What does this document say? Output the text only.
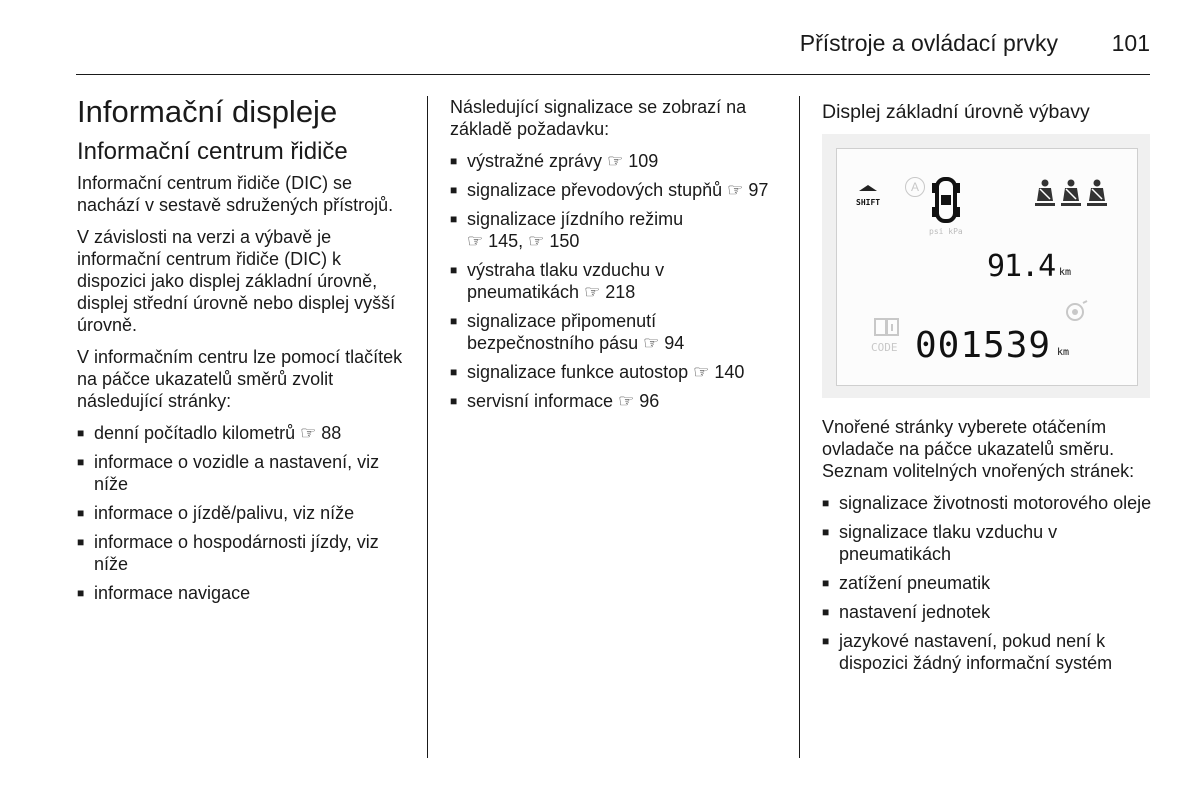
Přístroje a ovládací prvky 101
Informační displeje
Informační centrum řidiče

Informační centrum řidiče (DIC) se nachází v sestavě sdružených přístrojů.

V závislosti na verzi a výbavě je informační centrum řidiče (DIC) k dispozici jako displej základní úrovně, displej střední úrovně nebo displej vyšší úrovně.

V informačním centru lze pomocí tlačítek na páčce ukazatelů směrů zvolit následující stránky:

■ denní počítadlo kilometrů ☞ 88
■ informace o vozidle a nastavení, viz níže
■ informace o jízdě/palivu, viz níže
■ informace o hospodárnosti jízdy, viz níže
■ informace navigace

Následující signalizace se zobrazí na základě požadavku:

■ výstražné zprávy ☞ 109
■ signalizace převodových stupňů ☞ 97
■ signalizace jízdního režimu ☞ 145, ☞ 150
■ výstraha tlaku vzduchu v pneumatikách ☞ 218
■ signalizace připomenutí bezpečnostního pásu ☞ 94
■ signalizace funkce autostop ☞ 140
■ servisní informace ☞ 96
Displej základní úrovně výbavy
SHIFT
A
psi kPa
91.4 km
CODE 001539 km

Vnořené stránky vyberete otáčením ovladače na páčce ukazatelů směru. Seznam volitelných vnořených stránek:

■ signalizace životnosti motorového oleje
■ signalizace tlaku vzduchu v pneumatikách
■ zatížení pneumatik
■ nastavení jednotek
■ jazykové nastavení, pokud není k dispozici žádný informační systém
